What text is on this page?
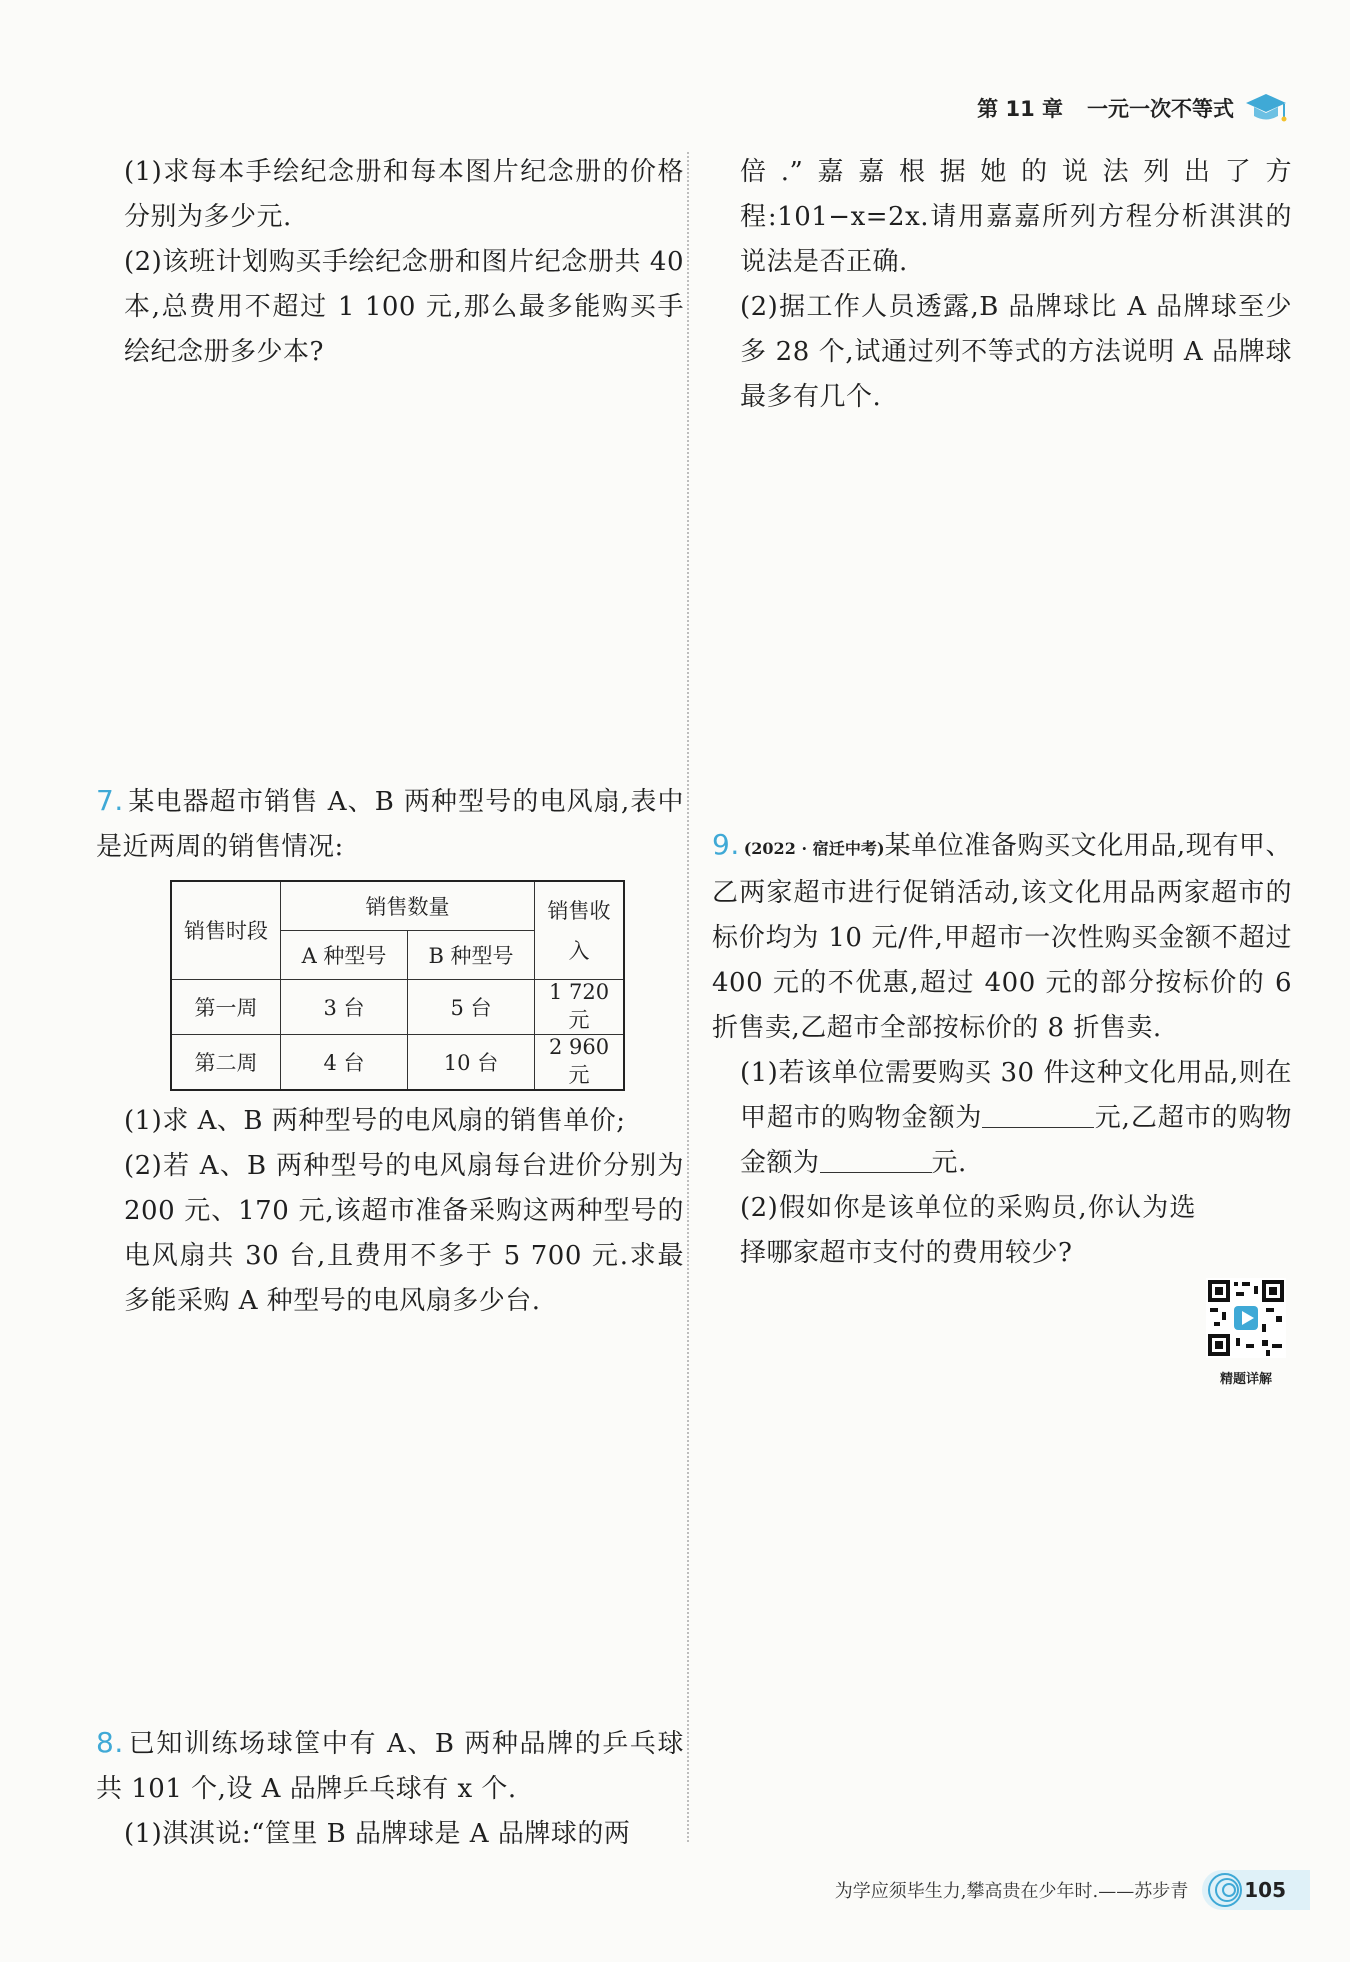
第 11 章 一元一次不等式

(1)求每本手绘纪念册和每本图片纪念册的价格分别为多少元.

(2)该班计划购买手绘纪念册和图片纪念册共 40 本,总费用不超过 1 100 元,那么最多能购买手绘纪念册多少本?

7. 某电器超市销售 A、B 两种型号的电风扇,表中是近两周的销售情况:

销售时段	销售数量		销售收入
	A 种型号	B 种型号	
第一周	3 台	5 台	1 720 元
第二周	4 台	10 台	2 960 元

(1)求 A、B 两种型号的电风扇的销售单价;

(2)若 A、B 两种型号的电风扇每台进价分别为 200 元、170 元,该超市准备采购这两种型号的电风扇共 30 台,且费用不多于 5 700 元.求最多能采购 A 种型号的电风扇多少台.

8. 已知训练场球筐中有 A、B 两种品牌的乒乓球共 101 个,设 A 品牌乒乓球有 x 个.

(1)淇淇说:“筐里 B 品牌球是 A 品牌球的两

倍.”嘉嘉根据她的说法列出了方程:101−x=2x.请用嘉嘉所列方程分析淇淇的说法是否正确.

(2)据工作人员透露,B 品牌球比 A 品牌球至少多 28 个,试通过列不等式的方法说明 A 品牌球最多有几个.

9. (2022 · 宿迁中考)某单位准备购买文化用品,现有甲、乙两家超市进行促销活动,该文化用品两家超市的标价均为 10 元/件,甲超市一次性购买金额不超过 400 元的不优惠,超过 400 元的部分按标价的 6 折售卖,乙超市全部按标价的 8 折售卖.

(1)若该单位需要购买 30 件这种文化用品,则在甲超市的购物金额为	元,乙超市的购物金额为	元.

(2)假如你是该单位的采购员,你认为选择哪家超市支付的费用较少?

精题详解
为学应须毕生力,攀高贵在少年时.——苏步青	105
